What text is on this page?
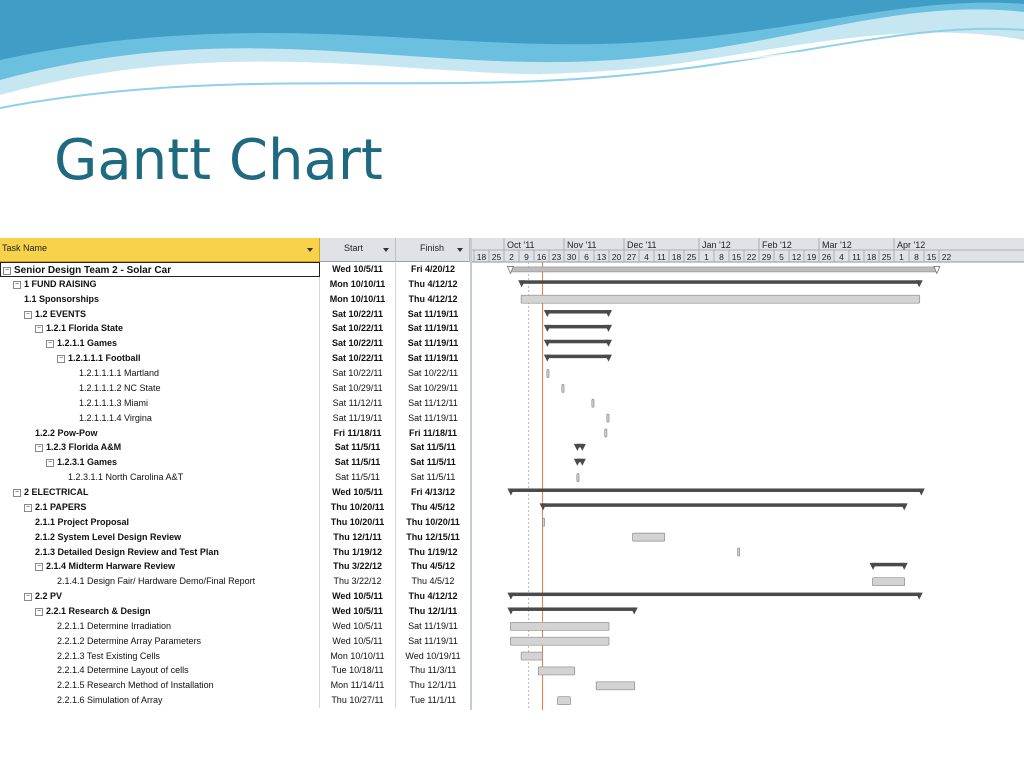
Gantt Chart
Task Name	Start	Finish
− Senior Design Team 2 - Solar Car	Wed 10/5/11	Fri 4/20/12
− 1 FUND RAISING	Mon 10/10/11	Thu 4/12/12
1.1 Sponsorships	Mon 10/10/11	Thu 4/12/12
− 1.2 EVENTS	Sat 10/22/11	Sat 11/19/11
− 1.2.1 Florida State	Sat 10/22/11	Sat 11/19/11
− 1.2.1.1 Games	Sat 10/22/11	Sat 11/19/11
− 1.2.1.1.1 Football	Sat 10/22/11	Sat 11/19/11
1.2.1.1.1.1 Martland	Sat 10/22/11	Sat 10/22/11
1.2.1.1.1.2 NC State	Sat 10/29/11	Sat 10/29/11
1.2.1.1.1.3 Miami	Sat 11/12/11	Sat 11/12/11
1.2.1.1.1.4 Virgina	Sat 11/19/11	Sat 11/19/11
1.2.2 Pow-Pow	Fri 11/18/11	Fri 11/18/11
− 1.2.3 Florida A&M	Sat 11/5/11	Sat 11/5/11
− 1.2.3.1 Games	Sat 11/5/11	Sat 11/5/11
1.2.3.1.1 North Carolina A&T	Sat 11/5/11	Sat 11/5/11
− 2 ELECTRICAL	Wed 10/5/11	Fri 4/13/12
− 2.1 PAPERS	Thu 10/20/11	Thu 4/5/12
2.1.1 Project Proposal	Thu 10/20/11	Thu 10/20/11
2.1.2 System Level Design Review	Thu 12/1/11	Thu 12/15/11
2.1.3 Detailed Design Review and Test Plan	Thu 1/19/12	Thu 1/19/12
− 2.1.4 Midterm Harware Review	Thu 3/22/12	Thu 4/5/12
2.1.4.1 Design Fair/ Hardware Demo/Final Report	Thu 3/22/12	Thu 4/5/12
− 2.2 PV	Wed 10/5/11	Thu 4/12/12
− 2.2.1 Research & Design	Wed 10/5/11	Thu 12/1/11
2.2.1.1 Determine Irradiation	Wed 10/5/11	Sat 11/19/11
2.2.1.2 Determine Array Parameters	Wed 10/5/11	Sat 11/19/11
2.2.1.3 Test Existing Cells	Mon 10/10/11	Wed 10/19/11
2.2.1.4 Determine Layout of cells	Tue 10/18/11	Thu 11/3/11
2.2.1.5 Research Method of Installation	Mon 11/14/11	Thu 12/1/11
2.2.1.6 Simulation of Array	Thu 10/27/11	Tue 11/1/11
Oct '11	Nov '11	Dec '11	Jan '12	Feb '12	Mar '12	Apr '12
18 25 2 9 16 23 30 6 13 20 27 4 11 18 25 1 8 15 22 29 5 12 19 26 4 11 18 25 1 8 15 22
